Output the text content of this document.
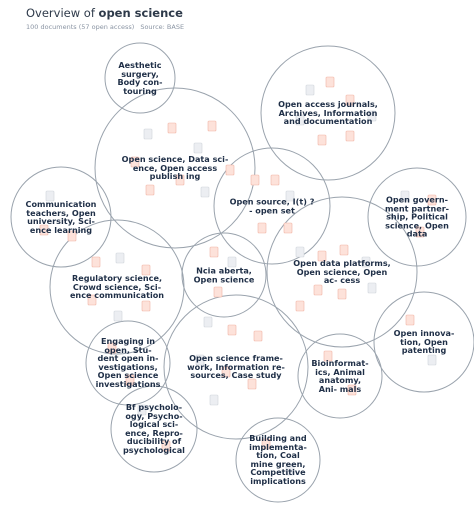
Overview of open science
100 documents (57 open access) Source: BASE
Aesthetic surgery, Body con- touring
Open access journals, Archives, Information and documentation
Open science, Data sci- ence, Open access publish ing
Open source, I(t) ?- open set
Open govern- ment partner- ship, Political science, Open data
Communication teachers, Open university, Sci- ence learning
Ncia aberta, Open science
Open data platforms, Open science, Open ac- cess
Regulatory science, Crowd science, Sci- ence communication
Open innova- tion, Open patenting
Engaging in open, Stu- dent open in- vestigations, Open science investigations
Open science frame- work, Information re- sources, Case study
Bioinformat- ics, Animal anatomy, Ani- mals
Bf psycholo- ogy, Psycho- logical sci- ence, Repro- ducibility of psychological
Building and implementa- tion, Coal mine green, Competitive implications
